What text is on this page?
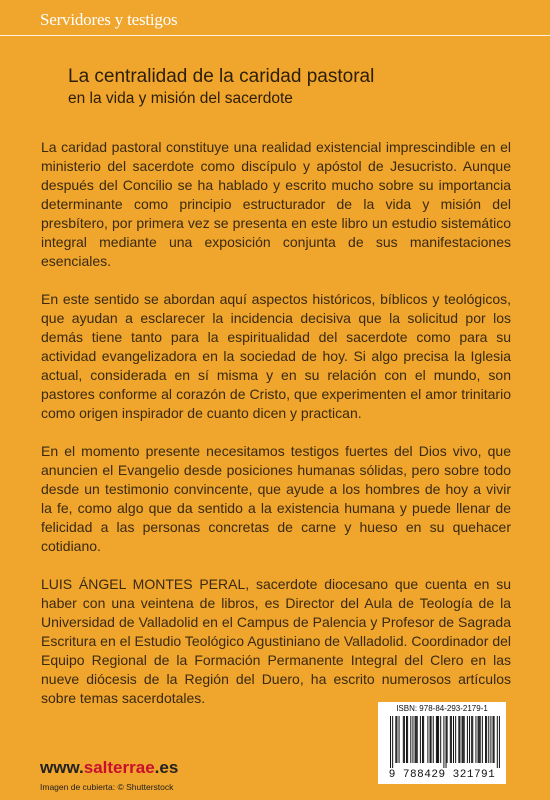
Servidores y testigos
La centralidad de la caridad pastoral
en la vida y misión del sacerdote

La caridad pastoral constituye una realidad existencial imprescindible en el ministerio del sacerdote como discípulo y apóstol de Jesucristo. Aunque después del Concilio se ha hablado y escrito mucho sobre su importancia determinante como principio estructurador de la vida y misión del presbítero, por primera vez se presenta en este libro un estudio sistemático integral mediante una exposición conjunta de sus manifestaciones esenciales.

En este sentido se abordan aquí aspectos históricos, bíblicos y teológicos, que ayudan a esclarecer la incidencia decisiva que la solicitud por los demás tiene tanto para la espiritualidad del sacerdote como para su actividad evangelizadora en la sociedad de hoy. Si algo precisa la Iglesia actual, considerada en sí misma y en su relación con el mundo, son pastores conforme al corazón de Cristo, que experimenten el amor trinitario como origen inspirador de cuanto dicen y practican.

En el momento presente necesitamos testigos fuertes del Dios vivo, que anuncien el Evangelio desde posiciones humanas sólidas, pero sobre todo desde un testimonio convincente, que ayude a los hombres de hoy a vivir la fe, como algo que da sentido a la existencia humana y puede llenar de felicidad a las personas concretas de carne y hueso en su quehacer cotidiano.

LUIS ÁNGEL MONTES PERAL, sacerdote diocesano que cuenta en su haber con una veintena de libros, es Director del Aula de Teología de la Universidad de Valladolid en el Campus de Palencia y Profesor de Sagrada Escritura en el Estudio Teológico Agustiniano de Valladolid. Coordinador del Equipo Regional de la Formación Permanente Integral del Clero en las nueve diócesis de la Región del Duero, ha escrito numerosos artículos sobre temas sacerdotales.

ISBN: 978-84-293-2179-1
9 788429 321791
www.salterrae.es
Imagen de cubierta: © Shutterstock
